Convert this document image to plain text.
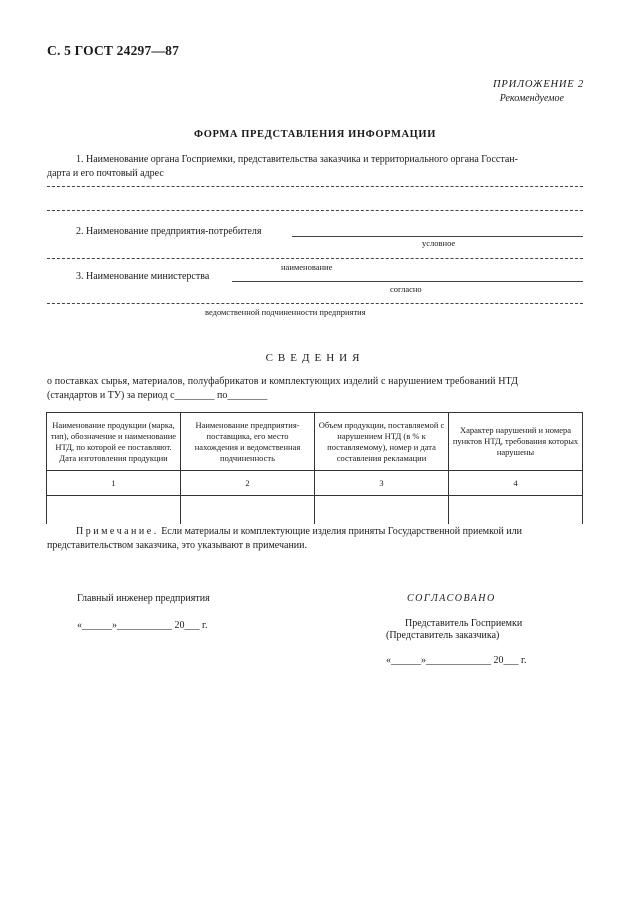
С. 5 ГОСТ 24297—87
ПРИЛОЖЕНИЕ 2
Рекомендуемое
ФОРМА ПРЕДСТАВЛЕНИЯ ИНФОРМАЦИИ
1. Наименование органа Госприемки, представительства заказчика и территориального органа Госстан-
дарта и его почтовый адрес
2. Наименование предприятия-потребителя
условное
наименование
3. Наименование министерства
согласно
ведомственной подчиненности предприятия
СВЕДЕНИЯ
о поставках сырья, материалов, полуфабрикатов и комплектующих изделий с нарушением требований НТД
(стандартов и ТУ) за период с________ по________
Наименование продукции (марка, тип), обозначение и наименование НТД, по которой ее поставляют. Дата изготовления продукции	Наименование предприятия-поставщика, его место нахождения и ведомственная подчиненность	Объем продукции, поставляемой с нарушением НТД (в % к поставляемому), номер и дата составления рекламации	Характер нарушений и номера пунктов НТД, требования которых нарушены
1	2	3	4

Примечание. Если материалы и комплектующие изделия приняты Государственной приемкой или
представительством заказчика, это указывают в примечании.
Главный инженер предприятия
«______»___________ 20___ г.
СОГЛАСОВАНО
Представитель Госприемки
(Представитель заказчика)
«______»_____________ 20___ г.
